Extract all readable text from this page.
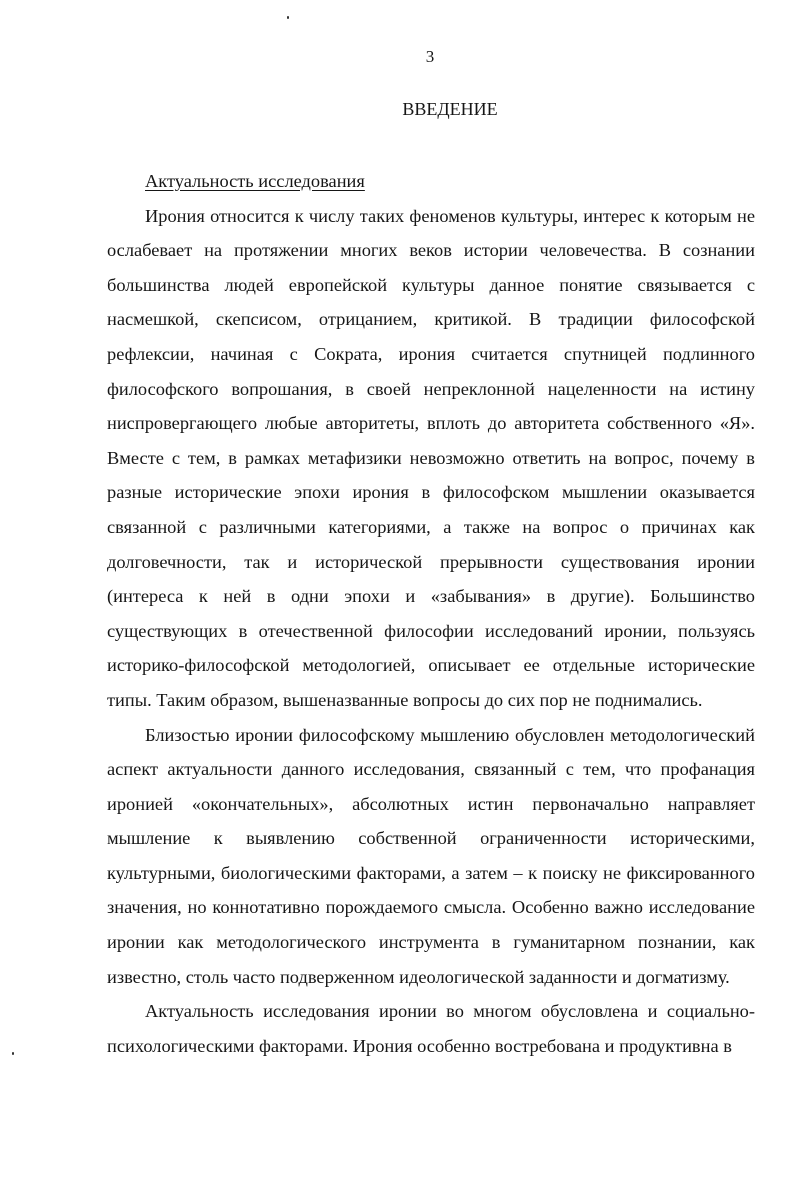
3
ВВЕДЕНИЕ
Актуальность исследования

Ирония относится к числу таких феноменов культуры, интерес к которым не ослабевает на протяжении многих веков истории человечества. В сознании большинства людей европейской культуры данное понятие связывается с насмешкой, скепсисом, отрицанием, критикой. В традиции философской рефлексии, начиная с Сократа, ирония считается спутницей подлинного философского вопрошания, в своей непреклонной нацеленности на истину ниспровергающего любые авторитеты, вплоть до авторитета собственного «Я». Вместе с тем, в рамках метафизики невозможно ответить на вопрос, почему в разные исторические эпохи ирония в философском мышлении оказывается связанной с различными категориями, а также на вопрос о причинах как долговечности, так и исторической прерывности существования иронии (интереса к ней в одни эпохи и «забывания» в другие). Большинство существующих в отечественной философии исследований иронии, пользуясь историко-философской методологией, описывает ее отдельные исторические типы. Таким образом, вышеназванные вопросы до сих пор не поднимались.

Близостью иронии философскому мышлению обусловлен методологический аспект актуальности данного исследования, связанный с тем, что профанация иронией «окончательных», абсолютных истин первоначально направляет мышление к выявлению собственной ограниченности историческими, культурными, биологическими факторами, а затем – к поиску не фиксированного значения, но коннотативно порождаемого смысла. Особенно важно исследование иронии как методологического инструмента в гуманитарном познании, как известно, столь часто подверженном идеологической заданности и догматизму.

Актуальность исследования иронии во многом обусловлена и социально-психологическими факторами. Ирония особенно востребована и продуктивна в
